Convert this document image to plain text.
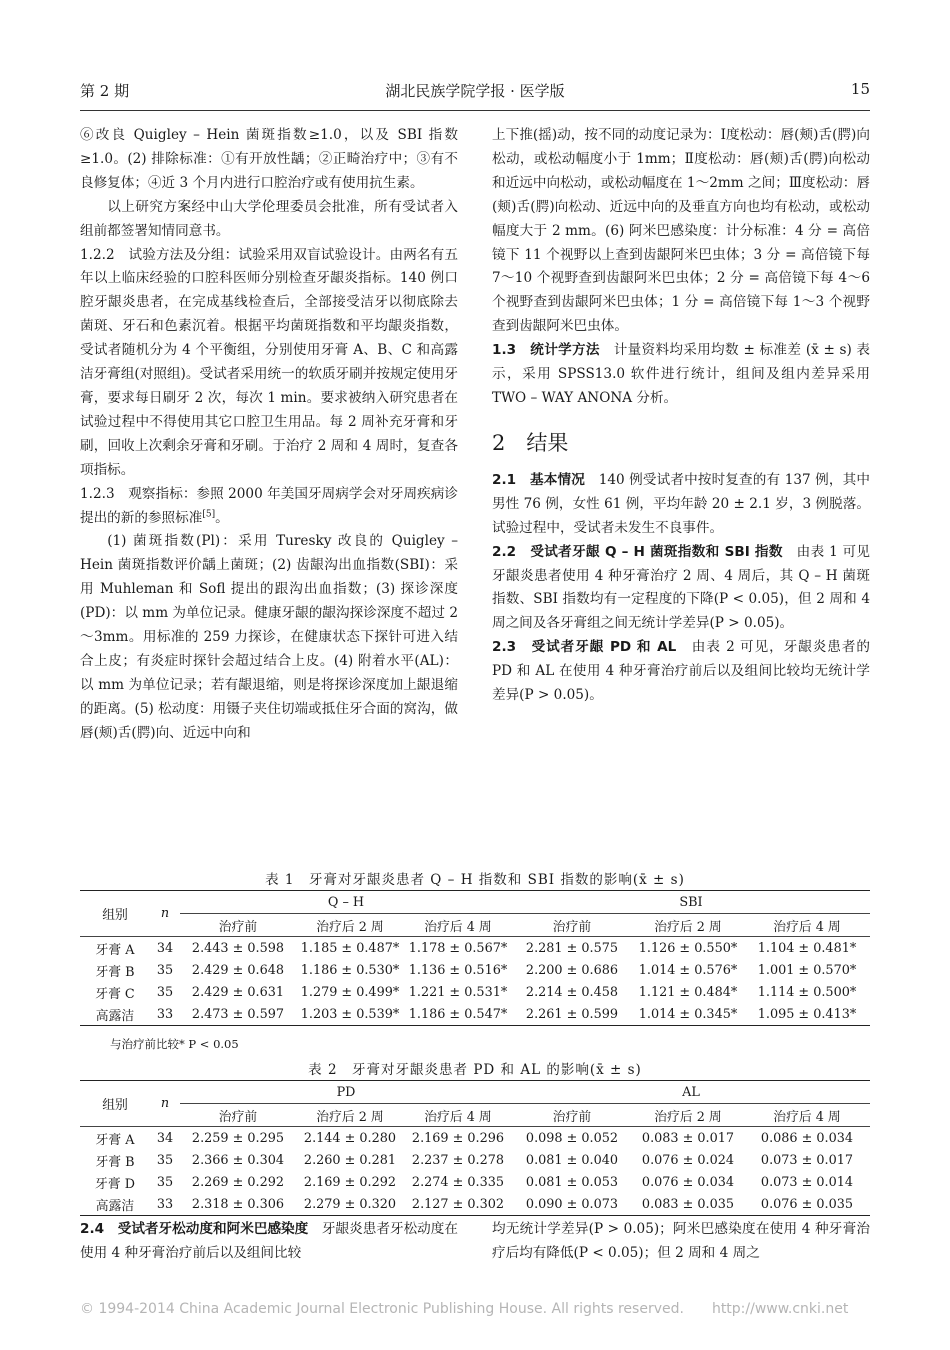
第 2 期	湖北民族学院学报 · 医学版	15

⑥改良 Quigley – Hein 菌斑指数≥1.0，以及 SBI 指数≥1.0。(2) 排除标准：①有开放性龋；②正畸治疗中；③有不良修复体；④近 3 个月内进行口腔治疗或有使用抗生素。

以上研究方案经中山大学伦理委员会批准，所有受试者入组前都签署知情同意书。

1.2.2　试验方法及分组：试验采用双盲试验设计。由两名有五年以上临床经验的口腔科医师分别检查牙龈炎指标。140 例口腔牙龈炎患者，在完成基线检查后，全部接受洁牙以彻底除去菌斑、牙石和色素沉着。根据平均菌斑指数和平均龈炎指数，受试者随机分为 4 个平衡组，分别使用牙膏 A、B、C 和高露洁牙膏组(对照组)。受试者采用统一的软质牙刷并按规定使用牙膏，要求每日刷牙 2 次，每次 1 min。要求被纳入研究患者在试验过程中不得使用其它口腔卫生用品。每 2 周补充牙膏和牙刷，回收上次剩余牙膏和牙刷。于治疗 2 周和 4 周时，复查各项指标。

1.2.3　观察指标：参照 2000 年美国牙周病学会对牙周疾病诊提出的新的参照标准[5]。

(1) 菌斑指数(Pl)：采用 Turesky 改良的 Quigley – Hein 菌斑指数评价龋上菌斑；(2) 齿龈沟出血指数(SBI)：采用 Muhleman 和 Sofl 提出的跟沟出血指数；(3) 探诊深度(PD)：以 mm 为单位记录。健康牙龈的龈沟探诊深度不超过 2～3mm。用标准的 259 力探诊，在健康状态下探针可进入结合上皮；有炎症时探针会超过结合上皮。(4) 附着水平(AL)：以 mm 为单位记录；若有龈退缩，则是将探诊深度加上龈退缩的距离。(5) 松动度：用镊子夹住切端或抵住牙合面的窝沟，做唇(颊)舌(腭)向、近远中向和

上下推(摇)动，按不同的动度记录为：Ⅰ度松动：唇(颊)舌(腭)向松动，或松动幅度小于 1mm；Ⅱ度松动：唇(颊)舌(腭)向松动和近远中向松动，或松动幅度在 1～2mm 之间；Ⅲ度松动：唇(颊)舌(腭)向松动、近远中向的及垂直方向也均有松动，或松动幅度大于 2 mm。(6) 阿米巴感染度：计分标准：4 分 = 高倍镜下 11 个视野以上查到齿龈阿米巴虫体；3 分 = 高倍镜下每 7～10 个视野查到齿龈阿米巴虫体；2 分 = 高倍镜下每 4～6 个视野查到齿龈阿米巴虫体；1 分 = 高倍镜下每 1～3 个视野查到齿龈阿米巴虫体。

1.3　统计学方法　计量资料均采用均数 ± 标准差 (x̄ ± s) 表示，采用 SPSS13.0 软件进行统计，组间及组内差异采用 TWO – WAY ANONA 分析。

2　结果

2.1　基本情况　140 例受试者中按时复查的有 137 例，其中男性 76 例，女性 61 例，平均年龄 20 ± 2.1 岁，3 例脱落。试验过程中，受试者未发生不良事件。

2.2　受试者牙龈 Q – H 菌斑指数和 SBI 指数　由表 1 可见牙龈炎患者使用 4 种牙膏治疗 2 周、4 周后，其 Q – H 菌斑指数、SBI 指数均有一定程度的下降(P < 0.05)，但 2 周和 4 周之间及各牙膏组之间无统计学差异(P > 0.05)。

2.3　受试者牙龈 PD 和 AL　由表 2 可见，牙龈炎患者的 PD 和 AL 在使用 4 种牙膏治疗前后以及组间比较均无统计学差异(P > 0.05)。

表 1　牙膏对牙龈炎患者 Q – H 指数和 SBI 指数的影响(x̄ ± s)
组别	n	Q – H			SBI		
		治疗前	治疗后 2 周	治疗后 4 周	治疗前	治疗后 2 周	治疗后 4 周
牙膏 A	34	2.443 ± 0.598	1.185 ± 0.487*	1.178 ± 0.567*	2.281 ± 0.575	1.126 ± 0.550*	1.104 ± 0.481*
牙膏 B	35	2.429 ± 0.648	1.186 ± 0.530*	1.136 ± 0.516*	2.200 ± 0.686	1.014 ± 0.576*	1.001 ± 0.570*
牙膏 C	35	2.429 ± 0.631	1.279 ± 0.499*	1.221 ± 0.531*	2.214 ± 0.458	1.121 ± 0.484*	1.114 ± 0.500*
高露洁	33	2.473 ± 0.597	1.203 ± 0.539*	1.186 ± 0.547*	2.261 ± 0.599	1.014 ± 0.345*	1.095 ± 0.413*
与治疗前比较* P < 0.05
表 2　牙膏对牙龈炎患者 PD 和 AL 的影响(x̄ ± s)
组别	n	PD			AL		
		治疗前	治疗后 2 周	治疗后 4 周	治疗前	治疗后 2 周	治疗后 4 周
牙膏 A	34	2.259 ± 0.295	2.144 ± 0.280	2.169 ± 0.296	0.098 ± 0.052	0.083 ± 0.017	0.086 ± 0.034
牙膏 B	35	2.366 ± 0.304	2.260 ± 0.281	2.237 ± 0.278	0.081 ± 0.040	0.076 ± 0.024	0.073 ± 0.017
牙膏 D	35	2.269 ± 0.292	2.169 ± 0.292	2.274 ± 0.335	0.081 ± 0.053	0.076 ± 0.034	0.073 ± 0.014
高露洁	33	2.318 ± 0.306	2.279 ± 0.320	2.127 ± 0.302	0.090 ± 0.073	0.083 ± 0.035	0.076 ± 0.035

2.4　受试者牙松动度和阿米巴感染度　牙龈炎患者牙松动度在使用 4 种牙膏治疗前后以及组间比较

均无统计学差异(P > 0.05)；阿米巴感染度在使用 4 种牙膏治疗后均有降低(P < 0.05)；但 2 周和 4 周之

© 1994-2014 China Academic Journal Electronic Publishing House. All rights reserved.　　http://www.cnki.net
